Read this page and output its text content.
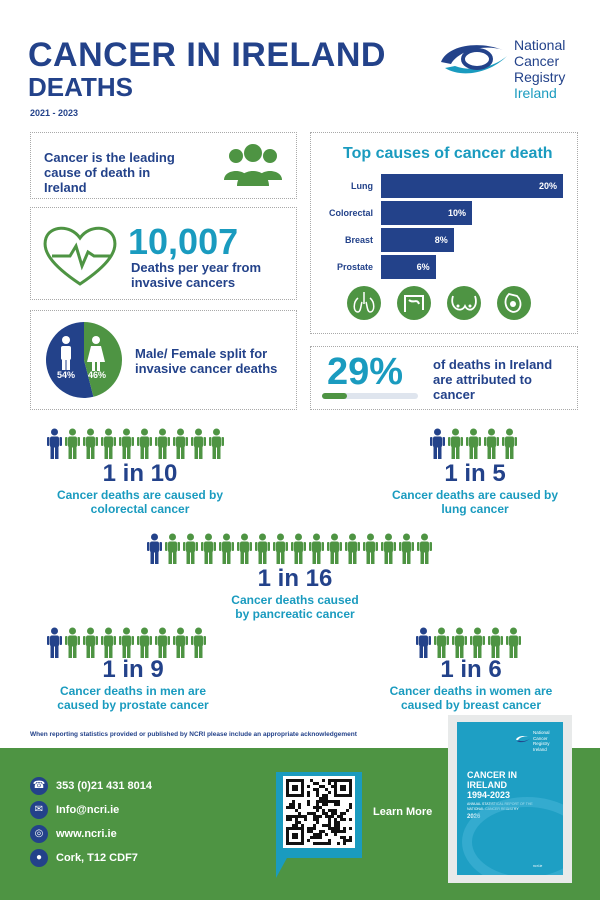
CANCER IN IRELAND
DEATHS
2021 - 2023
National
Cancer
Registry
Ireland
Cancer is the leading cause of death in Ireland
10,007
Deaths per year from invasive cancers
54% 46%
Male/ Female split for invasive cancer deaths
Top causes of cancer death
Lung	20%
Colorectal	10%
Breast	8%
Prostate	6%
29% of deaths in Ireland are attributed to cancer
1 in 10
Cancer deaths are caused by
colorectal cancer
1 in 5
Cancer deaths are caused by
lung cancer
1 in 16
Cancer deaths caused
by pancreatic cancer
1 in 9
Cancer deaths in men are
caused by prostate cancer
1 in 6
Cancer deaths in women are
caused by breast cancer
When reporting statistics provided or published by NCRI please include an appropriate acknowledgement
☎ 353 (0)21 431 8014
✉ Info@ncri.ie
◎ www.ncri.ie
● Cork, T12 CDF7
Learn More
National
Cancer
Registry
Ireland
CANCER IN
IRELAND
1994-2023
ANNUAL STATISTICAL REPORT OF THE
NATIONAL CANCER REGISTRY
2026
ncri.ie
